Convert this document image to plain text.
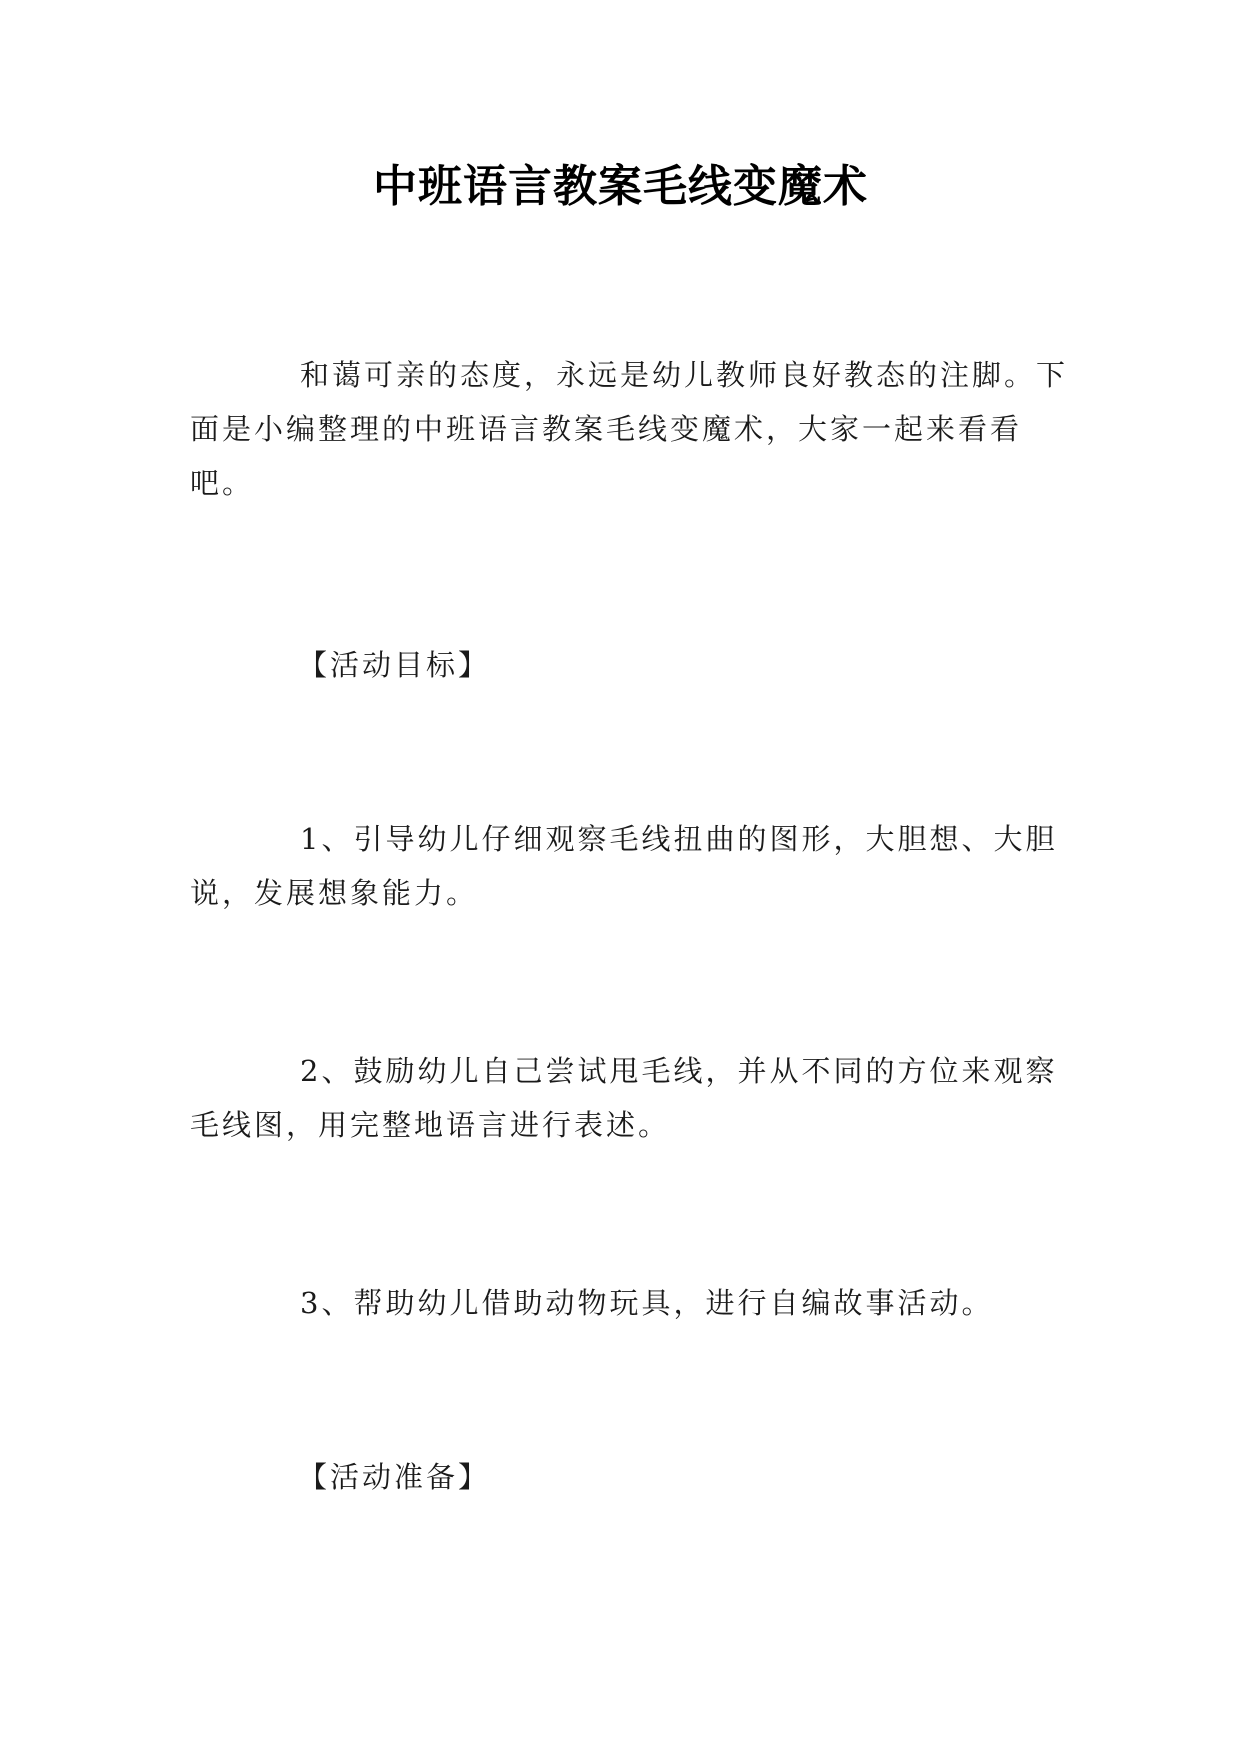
中班语言教案毛线变魔术

和蔼可亲的态度，永远是幼儿教师良好教态的注脚。下面是小编整理的中班语言教案毛线变魔术，大家一起来看看吧。

【活动目标】

1、引导幼儿仔细观察毛线扭曲的图形，大胆想、大胆说，发展想象能力。

2、鼓励幼儿自己尝试甩毛线，并从不同的方位来观察毛线图，用完整地语言进行表述。

3、帮助幼儿借助动物玩具，进行自编故事活动。

【活动准备】
